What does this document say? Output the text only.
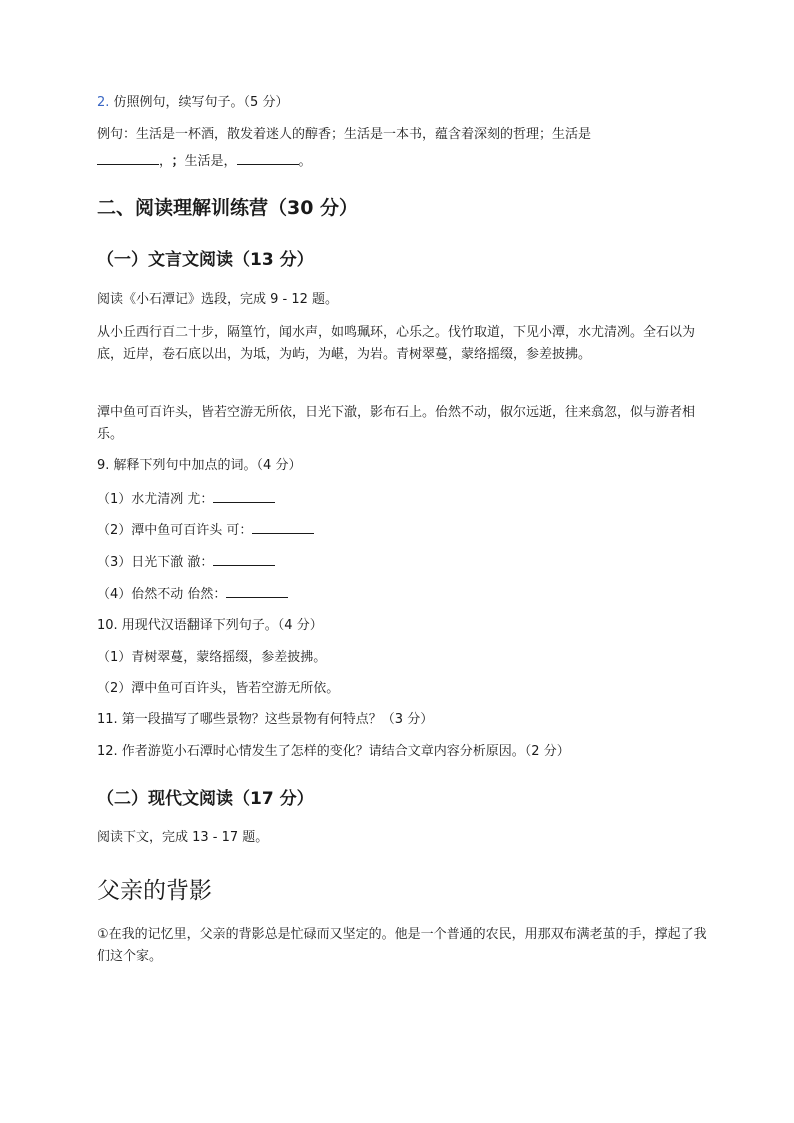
2. 仿照例句，续写句子。（5 分）
例句：生活是一杯酒，散发着迷人的醇香；生活是一本书，蕴含着深刻的哲理；生活是
， ；生活是，	。
二、阅读理解训练营（30 分）
（一）文言文阅读（13 分）
阅读《小石潭记》选段，完成 9 - 12 题。
从小丘西行百二十步，隔篁竹，闻水声，如鸣珮环，心乐之。伐竹取道，下见小潭，水尤清冽。全石以为底，近岸，卷石底以出，为坻，为屿，为嵁，为岩。青树翠蔓，蒙络摇缀，参差披拂。
潭中鱼可百许头，皆若空游无所依，日光下澈，影布石上。佁然不动，俶尔远逝，往来翕忽，似与游者相乐。
9. 解释下列句中加点的词。（4 分）
（1）水尤清冽 尤：
（2）潭中鱼可百许头 可：
（3）日光下澈 澈：
（4）佁然不动 佁然：
10. 用现代汉语翻译下列句子。（4 分）
（1）青树翠蔓，蒙络摇缀，参差披拂。
（2）潭中鱼可百许头，皆若空游无所依。
11. 第一段描写了哪些景物？这些景物有何特点？（3 分）
12. 作者游览小石潭时心情发生了怎样的变化？请结合文章内容分析原因。（2 分）
（二）现代文阅读（17 分）
阅读下文，完成 13 - 17 题。
父亲的背影
①在我的记忆里，父亲的背影总是忙碌而又坚定的。他是一个普通的农民，用那双布满老茧的手，撑起了我们这个家。
